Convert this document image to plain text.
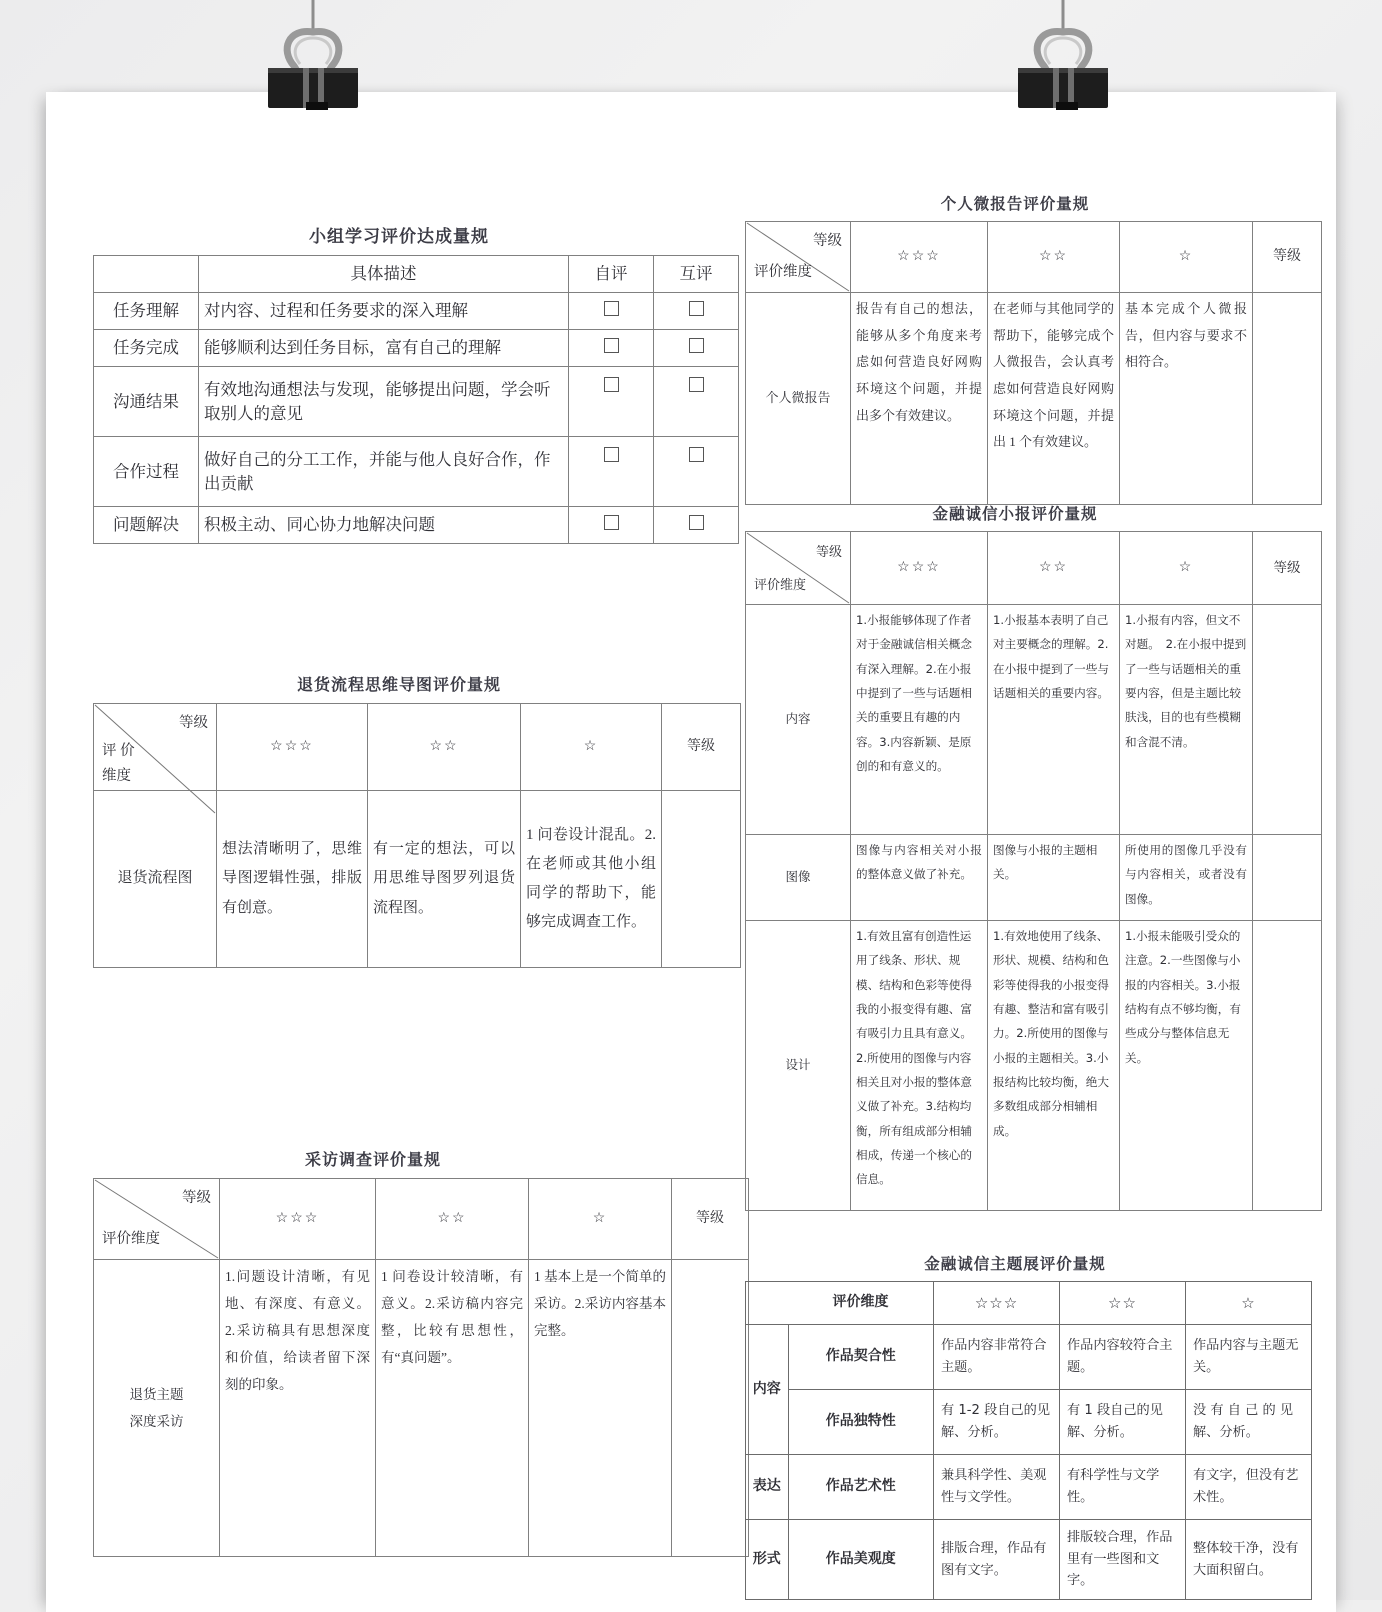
小组学习评价达成量规
	具体描述	自评	互评
任务理解	对内容、过程和任务要求的深入理解		
任务完成	能够顺利达到任务目标，富有自己的理解		
沟通结果	有效地沟通想法与发现，能够提出问题，学会听取别人的意见		
合作过程	做好自己的分工工作，并能与他人良好合作，作出贡献		
问题解决	积极主动、同心协力地解决问题		
退货流程思维导图评价量规
等级
评 价
维度	☆☆☆	☆☆	☆	等级
退货流程图	想法清晰明了，思维导图逻辑性强，排版有创意。	有一定的想法，可以用思维导图罗列退货流程图。	1 问卷设计混乱。2.在老师或其他小组同学的帮助下，能够完成调查工作。	
采访调查评价量规
等级
评价维度	☆☆☆	☆☆	☆	等级

退货主题
深度采访	1.问题设计清晰，有见地、有深度、有意义。2.采访稿具有思想深度和价值，给读者留下深刻的印象。	1 问卷设计较清晰，有意义。2.采访稿内容完整，比较有思想性，有“真问题”。	1 基本上是一个简单的采访。2.采访内容基本完整。	
个人微报告评价量规
等级
评价维度	☆☆☆	☆☆	☆	等级
个人微报告	报告有自己的想法，能够从多个角度来考虑如何营造良好网购环境这个问题，并提出多个有效建议。	在老师与其他同学的帮助下，能够完成个人微报告，会认真考虑如何营造良好网购环境这个问题，并提出 1 个有效建议。	基本完成个人微报告，但内容与要求不相符合。	
金融诚信小报评价量规
等级
评价维度	☆☆☆	☆☆	☆	等级
内容	1.小报能够体现了作者对于金融诚信相关概念有深入理解。2.在小报中提到了一些与话题相关的重要且有趣的内容。3.内容新颖、是原创的和有意义的。	1.小报基本表明了自己对主要概念的理解。2.在小报中提到了一些与话题相关的重要内容。	1.小报有内容，但文不对题。　2.在小报中提到了一些与话题相关的重要内容，但是主题比较肤浅，目的也有些模糊和含混不清。	
图像	图像与内容相关对小报的整体意义做了补充。	图像与小报的主题相关。	所使用的图像几乎没有与内容相关，或者没有图像。	
设计	1.有效且富有创造性运用了线条、形状、规模、结构和色彩等使得我的小报变得有趣、富有吸引力且具有意义。2.所使用的图像与内容相关且对小报的整体意义做了补充。3.结构均衡，所有组成部分相辅相成，传递一个核心的信息。	1.有效地使用了线条、形状、规模、结构和色彩等使得我的小报变得有趣、整洁和富有吸引力。2.所使用的图像与小报的主题相关。3.小报结构比较均衡，绝大多数组成部分相辅相成。	1.小报未能吸引受众的注意。2.一些图像与小报的内容相关。3.小报结构有点不够均衡，有些成分与整体信息无关。	
金融诚信主题展评价量规
	评价维度	☆☆☆	☆☆	☆
内容	作品契合性	作品内容非常符合主题。	作品内容较符合主题。	作品内容与主题无关。
	作品独特性	有 1-2 段自己的见解、分析。	有 1 段自己的见解、分析。	没 有 自 己 的 见解、分析。
表达	作品艺术性	兼具科学性、美观性与文学性。	有科学性与文学性。	有文字，但没有艺术性。
形式	作品美观度	排版合理，作品有图有文字。	排版较合理，作品里有一些图和文字。	整体较干净，没有大面积留白。
